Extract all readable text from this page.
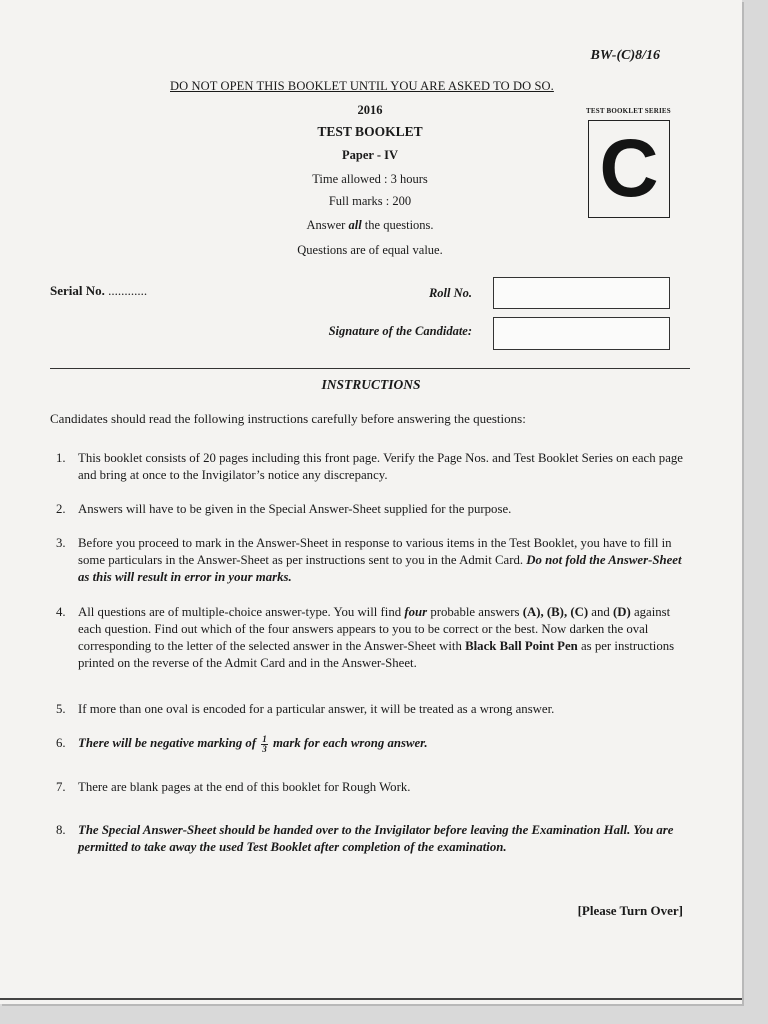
BW-(C)8/16
DO NOT OPEN THIS BOOKLET UNTIL YOU ARE ASKED TO DO SO.
2016
TEST BOOKLET
Paper - IV
Time allowed : 3 hours
Full marks : 200
Answer all the questions.
Questions are of equal value.
TEST BOOKLET SERIES
C
Serial No. ............	Roll No.
Signature of the Candidate:
INSTRUCTIONS
Candidates should read the following instructions carefully before answering the questions:
1. This booklet consists of 20 pages including this front page. Verify the Page Nos. and Test Booklet Series on each page and bring at once to the Invigilator’s notice any discrepancy.
2. Answers will have to be given in the Special Answer-Sheet supplied for the purpose.
3. Before you proceed to mark in the Answer-Sheet in response to various items in the Test Booklet, you have to fill in some particulars in the Answer-Sheet as per instructions sent to you in the Admit Card. Do not fold the Answer-Sheet as this will result in error in your marks.
4. All questions are of multiple-choice answer-type. You will find four probable answers (A), (B), (C) and (D) against each question. Find out which of the four answers appears to you to be correct or the best. Now darken the oval corresponding to the letter of the selected answer in the Answer-Sheet with Black Ball Point Pen as per instructions printed on the reverse of the Admit Card and in the Answer-Sheet.
5. If more than one oval is encoded for a particular answer, it will be treated as a wrong answer.
6. There will be negative marking of $\frac{1}{3}$ mark for each wrong answer.
7. There are blank pages at the end of this booklet for Rough Work.
8. The Special Answer-Sheet should be handed over to the Invigilator before leaving the Examination Hall. You are permitted to take away the used Test Booklet after completion of the examination.
[Please Turn Over]
